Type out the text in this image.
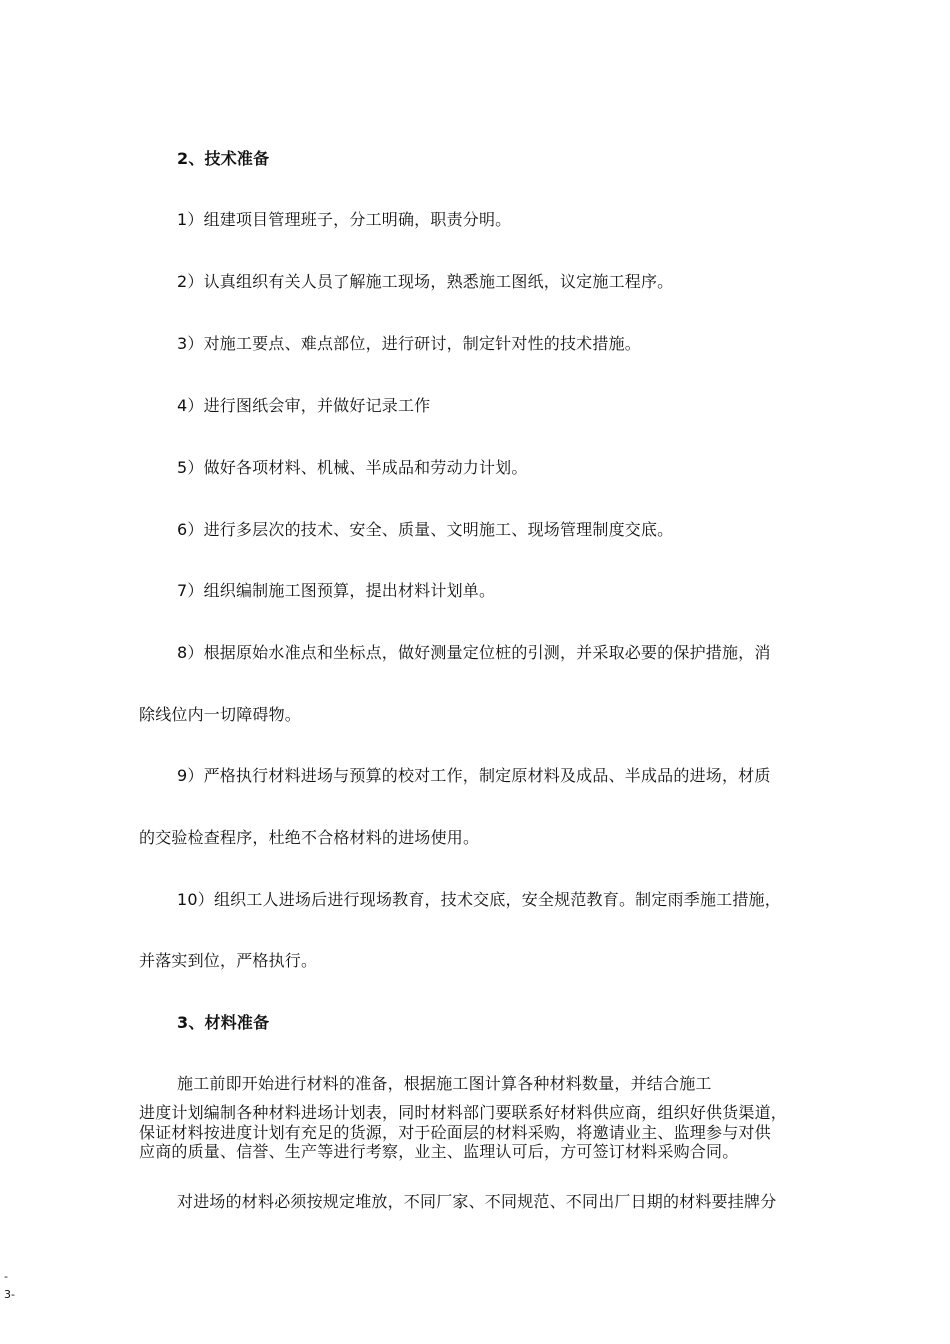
2、技术准备
1）组建项目管理班子，分工明确，职责分明。
2）认真组织有关人员了解施工现场，熟悉施工图纸，议定施工程序。
3）对施工要点、难点部位，进行研讨，制定针对性的技术措施。
4）进行图纸会审，并做好记录工作
5）做好各项材料、机械、半成品和劳动力计划。
6）进行多层次的技术、安全、质量、文明施工、现场管理制度交底。
7）组织编制施工图预算，提出材料计划单。
8）根据原始水准点和坐标点，做好测量定位桩的引测，并采取必要的保护措施，消
除线位内一切障碍物。
9）严格执行材料进场与预算的校对工作，制定原材料及成品、半成品的进场，材质
的交验检查程序，杜绝不合格材料的进场使用。
10）组织工人进场后进行现场教育，技术交底，安全规范教育。制定雨季施工措施，
并落实到位，严格执行。
3、材料准备
施工前即开始进行材料的准备，根据施工图计算各种材料数量，并结合施工
进度计划编制各种材料进场计划表，同时材料部门要联系好材料供应商，组织好供货渠道，
保证材料按进度计划有充足的货源，对于砼面层的材料采购，将邀请业主、监理参与对供
应商的质量、信誉、生产等进行考察，业主、监理认可后，方可签订材料采购合同。
对进场的材料必须按规定堆放，不同厂家、不同规范、不同出厂日期的材料要挂牌分
-
3-
